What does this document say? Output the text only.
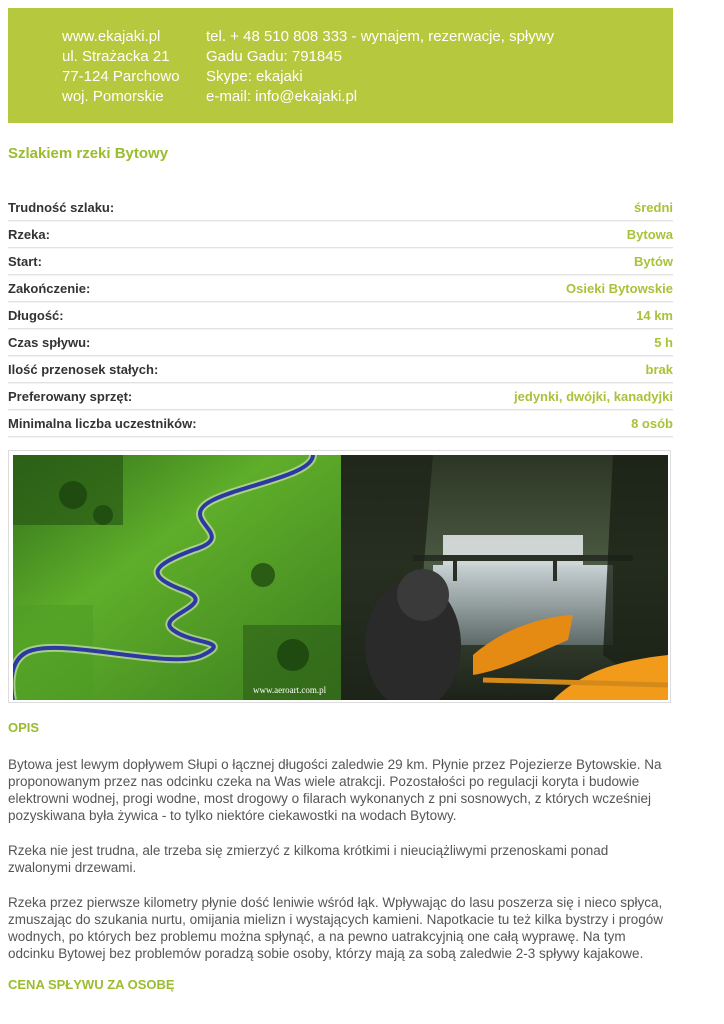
www.ekajaki.pl
ul. Strażacka 21
77-124 Parchowo
woj. Pomorskie
tel. + 48 510 808 333 - wynajem, rezerwacje, spływy
Gadu Gadu: 791845
Skype: ekajaki
e-mail: info@ekajaki.pl
Szlakiem rzeki Bytowy
Trudność szlaku:	średni
Rzeka:	Bytowa
Start:	Bytów
Zakończenie:	Osieki Bytowskie
Długość:	14 km
Czas spływu:	5 h
Ilość przenosek stałych:	brak
Preferowany sprzęt:	jedynki, dwójki, kanadyjki
Minimalna liczba uczestników:	8 osób
www.aeroart.com.pl
OPIS
Bytowa jest lewym dopływem Słupi o łącznej długości zaledwie 29 km. Płynie przez Pojezierze Bytowskie. Na proponowanym przez nas odcinku czeka na Was wiele atrakcji. Pozostałości po regulacji koryta i budowie elektrowni wodnej, progi wodne, most drogowy o filarach wykonanych z pni sosnowych, z których wcześniej pozyskiwana była żywica - to tylko niektóre ciekawostki na wodach Bytowy.
Rzeka nie jest trudna, ale trzeba się zmierzyć z kilkoma krótkimi i nieuciążliwymi przenoskami ponad zwalonymi drzewami.
Rzeka przez pierwsze kilometry płynie dość leniwie wśród łąk. Wpływając do lasu poszerza się i nieco spłyca, zmuszając do szukania nurtu, omijania mielizn i wystających kamieni. Napotkacie tu też kilka bystrzy i progów wodnych, po których bez problemu można spłynąć, a na pewno uatrakcyjnią one całą wyprawę. Na tym odcinku Bytowej bez problemów poradzą sobie osoby, którzy mają za sobą zaledwie 2-3 spływy kajakowe.
CENA SPŁYWU ZA OSOBĘ
